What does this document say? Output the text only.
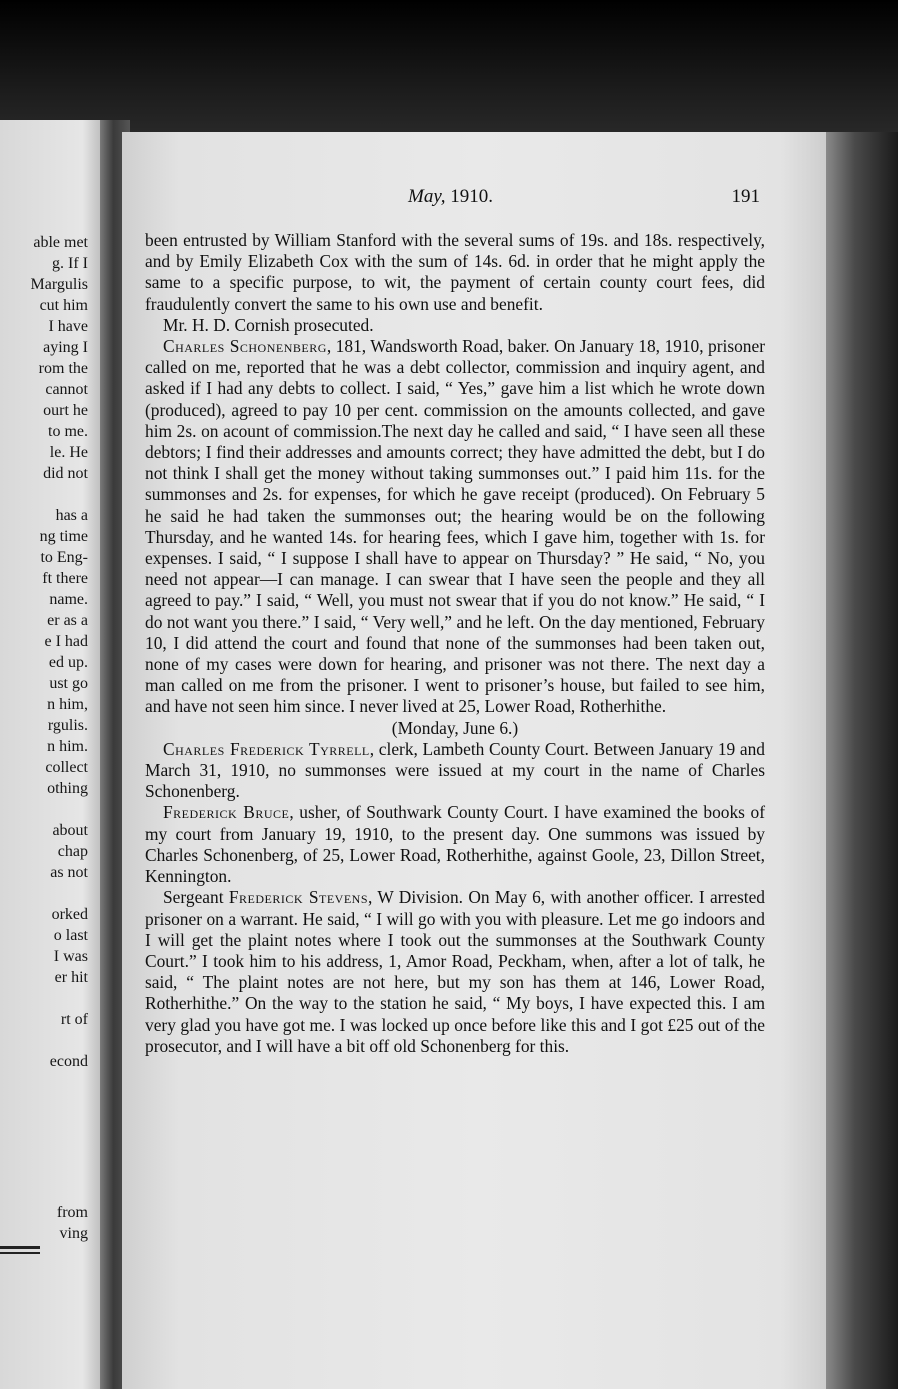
able met
g. If I
Margulis
cut him
I have
aying I
rom the
cannot
ourt he
to me.
le. He
did not
has a
ng time
to Eng-
ft there
name.
er as a
e I had
ed up.
ust go
n him,
rgulis.
n him.
collect
othing
about
chap
as not
orked
o last
I was
er hit
rt of
econd
from
ving
May, 1910.	191

been entrusted by William Stanford with the several sums of 19s. and 18s. respectively, and by Emily Elizabeth Cox with the sum of 14s. 6d. in order that he might apply the same to a specific purpose, to wit, the payment of certain county court fees, did fraudulently convert the same to his own use and benefit.

Mr. H. D. Cornish prosecuted.

Charles Schonenberg, 181, Wandsworth Road, baker. On January 18, 1910, prisoner called on me, reported that he was a debt collector, commission and inquiry agent, and asked if I had any debts to collect. I said, “ Yes,” gave him a list which he wrote down (produced), agreed to pay 10 per cent. commission on the amounts collected, and gave him 2s. on acount of commission.The next day he called and said, “ I have seen all these debtors; I find their addresses and amounts correct; they have admitted the debt, but I do not think I shall get the money without taking summonses out.” I paid him 11s. for the summonses and 2s. for expenses, for which he gave receipt (produced). On February 5 he said he had taken the summonses out; the hearing would be on the following Thursday, and he wanted 14s. for hearing fees, which I gave him, together with 1s. for expenses. I said, “ I suppose I shall have to appear on Thursday? ” He said, “ No, you need not appear—I can manage. I can swear that I have seen the people and they all agreed to pay.” I said, “ Well, you must not swear that if you do not know.” He said, “ I do not want you there.” I said, “ Very well,” and he left. On the day mentioned, February 10, I did attend the court and found that none of the summonses had been taken out, none of my cases were down for hearing, and prisoner was not there. The next day a man called on me from the prisoner. I went to prisoner’s house, but failed to see him, and have not seen him since. I never lived at 25, Lower Road, Rotherhithe.

(Monday, June 6.)

Charles Frederick Tyrrell, clerk, Lambeth County Court. Between January 19 and March 31, 1910, no summonses were issued at my court in the name of Charles Schonenberg.

Frederick Bruce, usher, of Southwark County Court. I have examined the books of my court from January 19, 1910, to the present day. One summons was issued by Charles Schonenberg, of 25, Lower Road, Rotherhithe, against Goole, 23, Dillon Street, Kennington.

Sergeant Frederick Stevens, W Division. On May 6, with another officer. I arrested prisoner on a warrant. He said, “ I will go with you with pleasure. Let me go indoors and I will get the plaint notes where I took out the summonses at the Southwark County Court.” I took him to his address, 1, Amor Road, Peckham, when, after a lot of talk, he said, “ The plaint notes are not here, but my son has them at 146, Lower Road, Rotherhithe.” On the way to the station he said, “ My boys, I have expected this. I am very glad you have got me. I was locked up once before like this and I got £25 out of the prosecutor, and I will have a bit off old Schonenberg for this.
